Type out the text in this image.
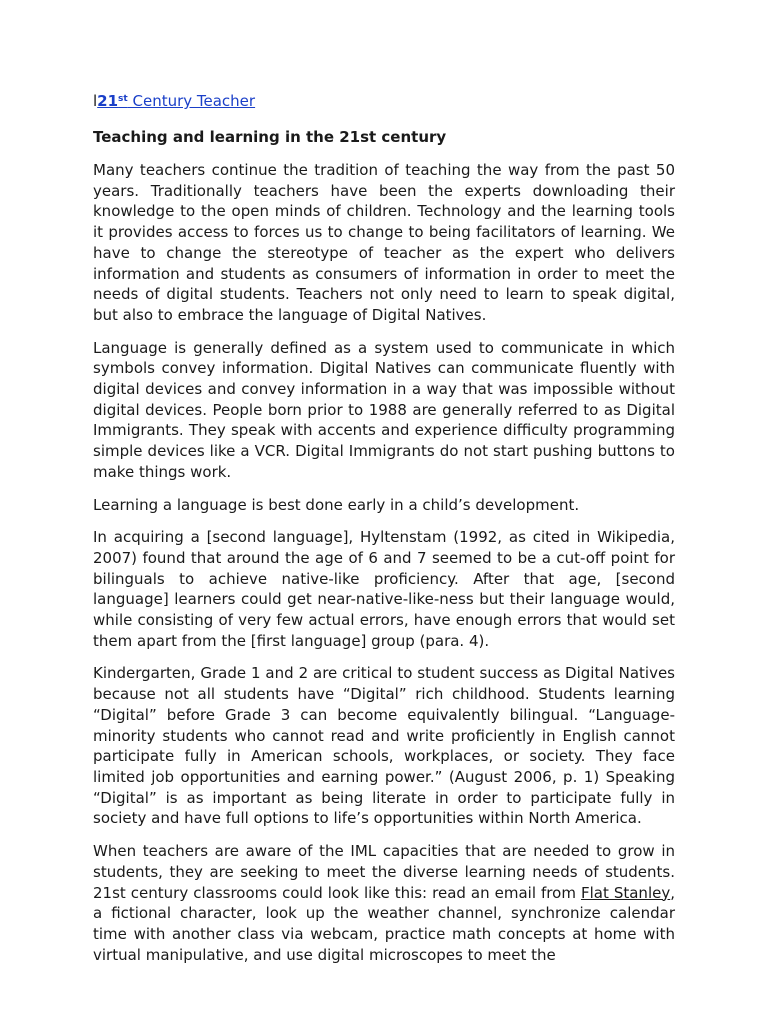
l21st Century Teacher
Teaching and learning in the 21st century

Many teachers continue the tradition of teaching the way from the past 50 years. Traditionally teachers have been the experts downloading their knowledge to the open minds of children. Technology and the learning tools it provides access to forces us to change to being facilitators of learning. We have to change the stereotype of teacher as the expert who delivers information and students as consumers of information in order to meet the needs of digital students. Teachers not only need to learn to speak digital, but also to embrace the language of Digital Natives.

Language is generally defined as a system used to communicate in which symbols convey information. Digital Natives can communicate fluently with digital devices and convey information in a way that was impossible without digital devices. People born prior to 1988 are generally referred to as Digital Immigrants. They speak with accents and experience difficulty programming simple devices like a VCR. Digital Immigrants do not start pushing buttons to make things work.

Learning a language is best done early in a child’s development.

In acquiring a [second language], Hyltenstam (1992, as cited in Wikipedia, 2007) found that around the age of 6 and 7 seemed to be a cut-off point for bilinguals to achieve native-like proficiency. After that age, [second language] learners could get near-native-like-ness but their language would, while consisting of very few actual errors, have enough errors that would set them apart from the [first language] group (para. 4).

Kindergarten, Grade 1 and 2 are critical to student success as Digital Natives because not all students have “Digital” rich childhood. Students learning “Digital” before Grade 3 can become equivalently bilingual. “Language-minority students who cannot read and write proficiently in English cannot participate fully in American schools, workplaces, or society. They face limited job opportunities and earning power.” (August 2006, p. 1) Speaking “Digital” is as important as being literate in order to participate fully in society and have full options to life’s opportunities within North America.

When teachers are aware of the IML capacities that are needed to grow in students, they are seeking to meet the diverse learning needs of students. 21st century classrooms could look like this: read an email from Flat Stanley, a fictional character, look up the weather channel, synchronize calendar time with another class via webcam, practice math concepts at home with virtual manipulative, and use digital microscopes to meet the
